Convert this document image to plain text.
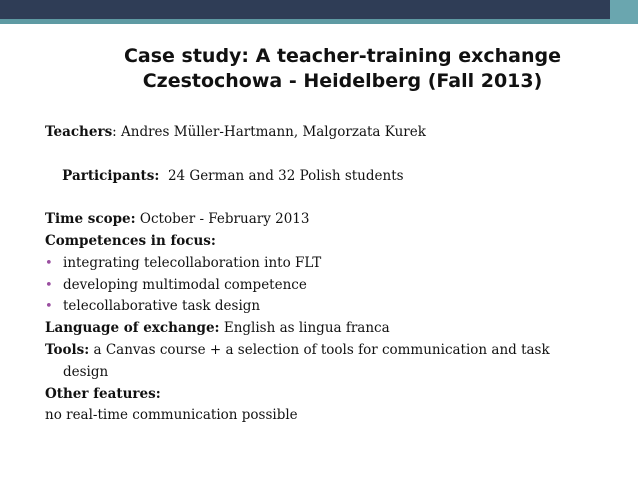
Case study: A teacher-training exchange
Czestochowa - Heidelberg (Fall 2013)
Teachers: Andres Müller-Hartmann, Malgorzata Kurek

Participants:  24 German and 32 Polish students

Time scope: October - February 2013
Competences in focus:
• integrating telecollaboration into FLT
• developing multimodal competence
• telecollaborative task design
Language of exchange: English as lingua franca
Tools: a Canvas course + a selection of tools for communication and task
design
Other features:
no real-time communication possible
